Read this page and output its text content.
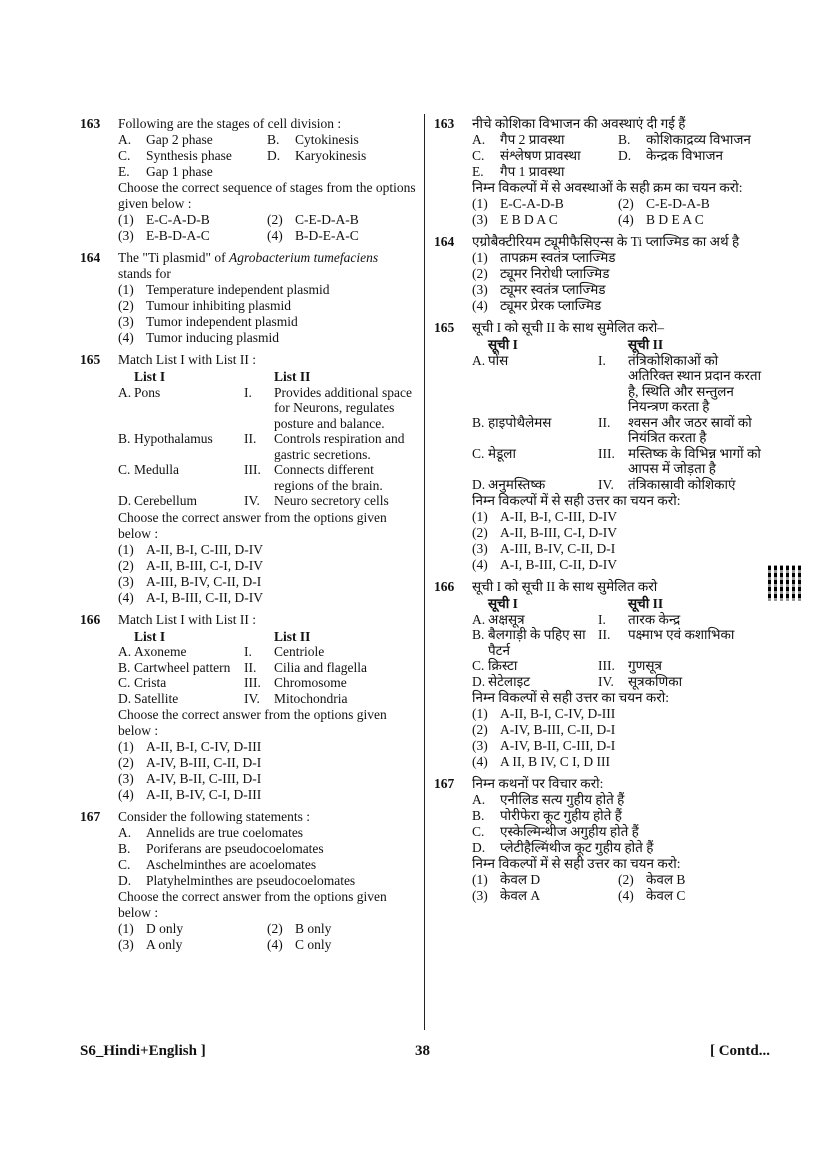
163 Following are the stages of cell division :
A. Gap 2 phase	B. Cytokinesis
C. Synthesis phase	D. Karyokinesis
E. Gap 1 phase
Choose the correct sequence of stages from the options given below :
(1) E-C-A-D-B	(2) C-E-D-A-B
(3) E-B-D-A-C	(4) B-D-E-A-C
164 The "Ti plasmid" of Agrobacterium tumefaciens
stands for
(1) Temperature independent plasmid
(2) Tumour inhibiting plasmid
(3) Tumor independent plasmid
(4) Tumor inducing plasmid
165 Match List I with List II :
	List I		List II
A.	Pons	I.	Provides additional space for Neurons, regulates posture and balance.
B.	Hypothalamus	II.	Controls respiration and gastric secretions.
C.	Medulla	III.	Connects different regions of the brain.
D.	Cerebellum	IV.	Neuro secretory cells
Choose the correct answer from the options given below :
(1) A-II, B-I, C-III, D-IV
(2) A-II, B-III, C-I, D-IV
(3) A-III, B-IV, C-II, D-I
(4) A-I, B-III, C-II, D-IV
166 Match List I with List II :
	List I		List II
A.	Axoneme	I.	Centriole
B.	Cartwheel pattern	II.	Cilia and flagella
C.	Crista	III.	Chromosome
D.	Satellite	IV.	Mitochondria
Choose the correct answer from the options given below :
(1) A-II, B-I, C-IV, D-III
(2) A-IV, B-III, C-II, D-I
(3) A-IV, B-II, C-III, D-I
(4) A-II, B-IV, C-I, D-III
167 Consider the following statements :
A. Annelids are true coelomates
B. Poriferans are pseudocoelomates
C. Aschelminthes are acoelomates
D. Platyhelminthes are pseudocoelomates
Choose the correct answer from the options given below :
(1) D only	(2) B only
(3) A only	(4) C only
163 नीचे कोशिका विभाजन की अवस्थाएं दी गई हैं
A. गैप 2 प्रावस्था	B. कोशिकाद्रव्य विभाजन
C. संश्लेषण प्रावस्था	D. केन्द्रक विभाजन
E. गैप 1 प्रावस्था
निम्न विकल्पों में से अवस्थाओं के सही क्रम का चयन करो:
(1) E-C-A-D-B	(2) C-E-D-A-B
(3) E B D A C	(4) B D E A C
164 एग्रोबैक्टीरियम ट्यूमीफैसिएन्स के Ti प्लाज्मिड का अर्थ है
(1) तापक्रम स्वतंत्र प्लाज्मिड
(2) ट्यूमर निरोधी प्लाज्मिड
(3) ट्यूमर स्वतंत्र प्लाज्मिड
(4) ट्यूमर प्रेरक प्लाज्मिड
165 सूची I को सूची II के साथ सुमेलित करो–
	सूची I		सूची II
A.	पोंस	I.	तंत्रिकोशिकाओं को अतिरिक्त स्थान प्रदान करता है, स्थिति और सन्तुलन नियन्त्रण करता है
B.	हाइपोथैलेमस	II.	श्वसन और जठर स्रावों को नियंत्रित करता है
C.	मेडूला	III.	मस्तिष्क के विभिन्न भागों को आपस में जोड़ता है
D.	अनुमस्तिष्क	IV.	तंत्रिकास्रावी कोशिकाएं
निम्न विकल्पों में से सही उत्तर का चयन करो:
(1) A-II, B-I, C-III, D-IV
(2) A-II, B-III, C-I, D-IV
(3) A-III, B-IV, C-II, D-I
(4) A-I, B-III, C-II, D-IV
166 सूची I को सूची II के साथ सुमेलित करो
	सूची I		सूची II
A.	अक्षसूत्र	I.	तारक केन्द्र
B.	बैलगाड़ी के पहिए सा पैटर्न	II.	पक्ष्माभ एवं कशाभिका
C.	क्रिस्टा	III.	गुणसूत्र
D.	सेटेलाइट	IV.	सूत्रकणिका
निम्न विकल्पों से सही उत्तर का चयन करो:
(1) A-II, B-I, C-IV, D-III
(2) A-IV, B-III, C-II, D-I
(3) A-IV, B-II, C-III, D-I
(4) A II, B IV, C I, D III
167 निम्न कथनों पर विचार करो:
A. एनीलिड सत्य गुहीय होते हैं
B. पोरीफेरा कूट गुहीय होते हैं
C. एस्केल्मिन्थीज अगुहीय होते हैं
D. प्लेटीहैल्मिंथीज कूट गुहीय होते हैं
निम्न विकल्पों में से सही उत्तर का चयन करो:
(1) केवल D	(2) केवल B
(3) केवल A	(4) केवल C
S6_Hindi+English ]	38	[ Contd...
